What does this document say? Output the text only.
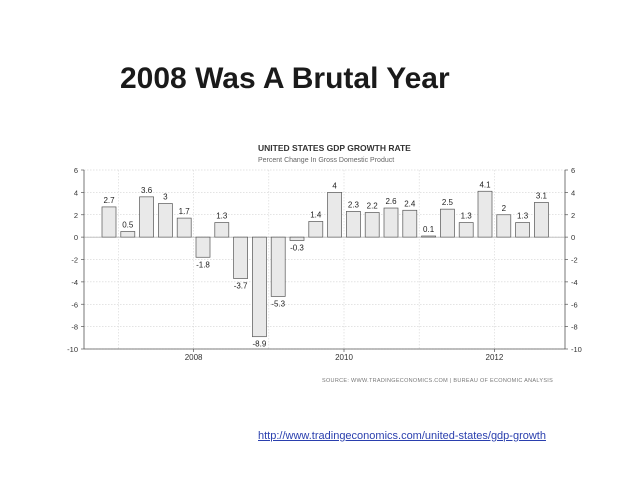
2008 Was A Brutal Year
UNITED STATES GDP GROWTH RATE
Percent Change In Gross Domestic Product
6	6
4	4
2	2
0	0
-2	-2
-4	-4
-6	-6
-8	-8
-10	-10
2008	2010	2012
2.7
0.5
3.6
3
1.7
-1.8
1.3
-3.7
-8.9
-5.3
-0.3
1.4
4
2.3 2.2 2.6 2.4
0.1
2.5
1.3
4.1
2
1.3
3.1
SOURCE: WWW.TRADINGECONOMICS.COM | BUREAU OF ECONOMIC ANALYSIS
http://www.tradingeconomics.com/united-states/gdp-growth
